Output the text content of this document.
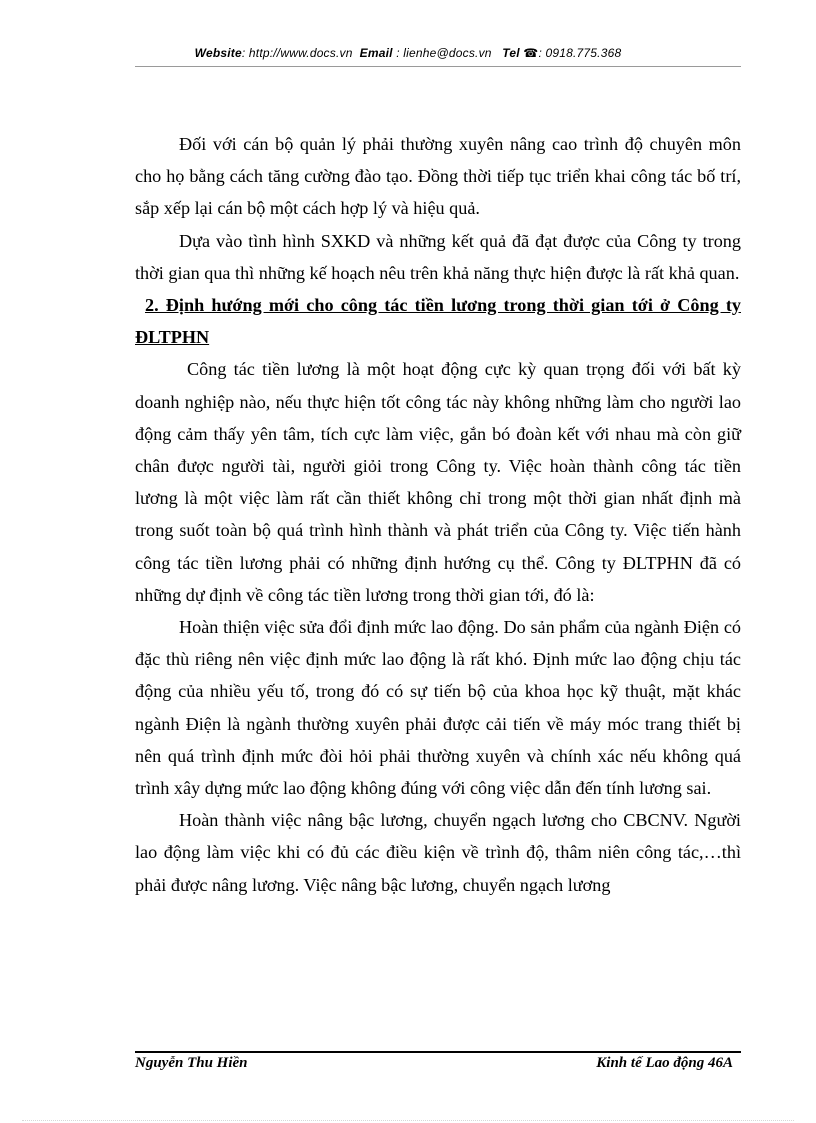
Website: http://www.docs.vn Email : lienhe@docs.vn Tel ☎: 0918.775.368

Đối với cán bộ quản lý phải thường xuyên nâng cao trình độ chuyên môn cho họ bằng cách tăng cường đào tạo. Đồng thời tiếp tục triển khai công tác bố trí, sắp xếp lại cán bộ một cách hợp lý và hiệu quả.

Dựa vào tình hình SXKD và những kết quả đã đạt được của Công ty trong thời gian qua thì những kế hoạch nêu trên khả năng thực hiện được là rất khả quan.

2. Định hướng mới cho công tác tiền lương trong thời gian tới ở Công ty ĐLTPHN

Công tác tiền lương là một hoạt động cực kỳ quan trọng đối với bất kỳ doanh nghiệp nào, nếu thực hiện tốt công tác này không những làm cho người lao động cảm thấy yên tâm, tích cực làm việc, gắn bó đoàn kết với nhau mà còn giữ chân được người tài, người giỏi trong Công ty. Việc hoàn thành công tác tiền lương là một việc làm rất cần thiết không chỉ trong một thời gian nhất định mà trong suốt toàn bộ quá trình hình thành và phát triển của Công ty. Việc tiến hành công tác tiền lương phải có những định hướng cụ thể. Công ty ĐLTPHN đã có những dự định về công tác tiền lương trong thời gian tới, đó là:

Hoàn thiện việc sửa đổi định mức lao động. Do sản phẩm của ngành Điện có đặc thù riêng nên việc định mức lao động là rất khó. Định mức lao động chịu tác động của nhiều yếu tố, trong đó có sự tiến bộ của khoa học kỹ thuật, mặt khác ngành Điện là ngành thường xuyên phải được cải tiến về máy móc trang thiết bị nên quá trình định mức đòi hỏi phải thường xuyên và chính xác nếu không quá trình xây dựng mức lao động không đúng với công việc dẫn đến tính lương sai.

Hoàn thành việc nâng bậc lương, chuyển ngạch lương cho CBCNV. Người lao động làm việc khi có đủ các điều kiện về trình độ, thâm niên công tác,…thì phải được nâng lương. Việc nâng bậc lương, chuyển ngạch lương

Nguyễn Thu Hiền	Kinh tế Lao động 46A
